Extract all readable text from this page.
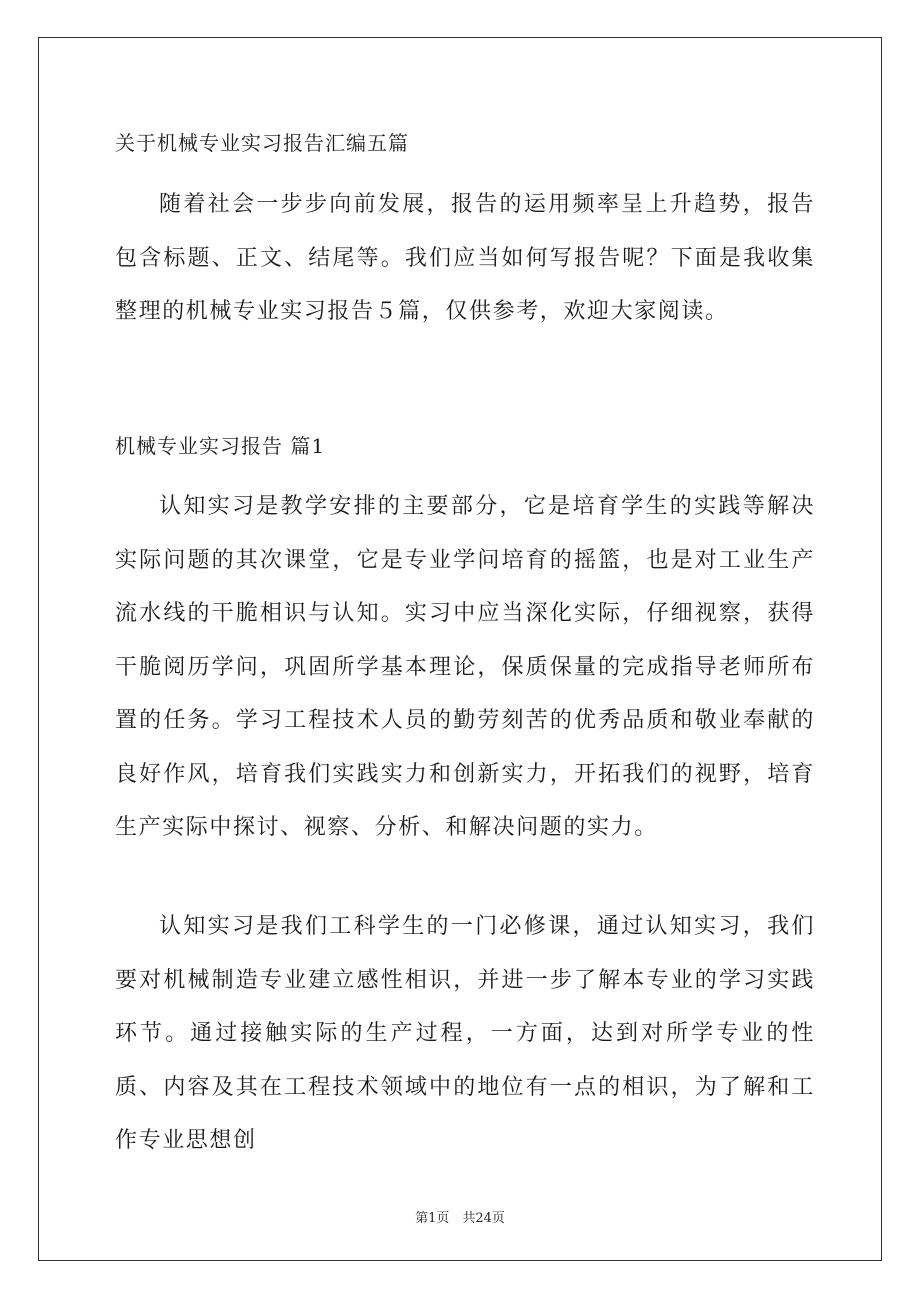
关于机械专业实习报告汇编五篇

随着社会一步步向前发展，报告的运用频率呈上升趋势，报告包含标题、正文、结尾等。我们应当如何写报告呢？下面是我收集整理的机械专业实习报告５篇，仅供参考，欢迎大家阅读。

机械专业实习报告 篇1

认知实习是教学安排的主要部分，它是培育学生的实践等解决实际问题的其次课堂，它是专业学问培育的摇篮，也是对工业生产流水线的干脆相识与认知。实习中应当深化实际，仔细视察，获得干脆阅历学问，巩固所学基本理论，保质保量的完成指导老师所布置的任务。学习工程技术人员的勤劳刻苦的优秀品质和敬业奉献的良好作风，培育我们实践实力和创新实力，开拓我们的视野，培育生产实际中探讨、视察、分析、和解决问题的实力。

认知实习是我们工科学生的一门必修课，通过认知实习，我们要对机械制造专业建立感性相识，并进一步了解本专业的学习实践环节。通过接触实际的生产过程，一方面，达到对所学专业的性质、内容及其在工程技术领域中的地位有一点的相识，为了解和工作专业思想创

第1页　共24页
